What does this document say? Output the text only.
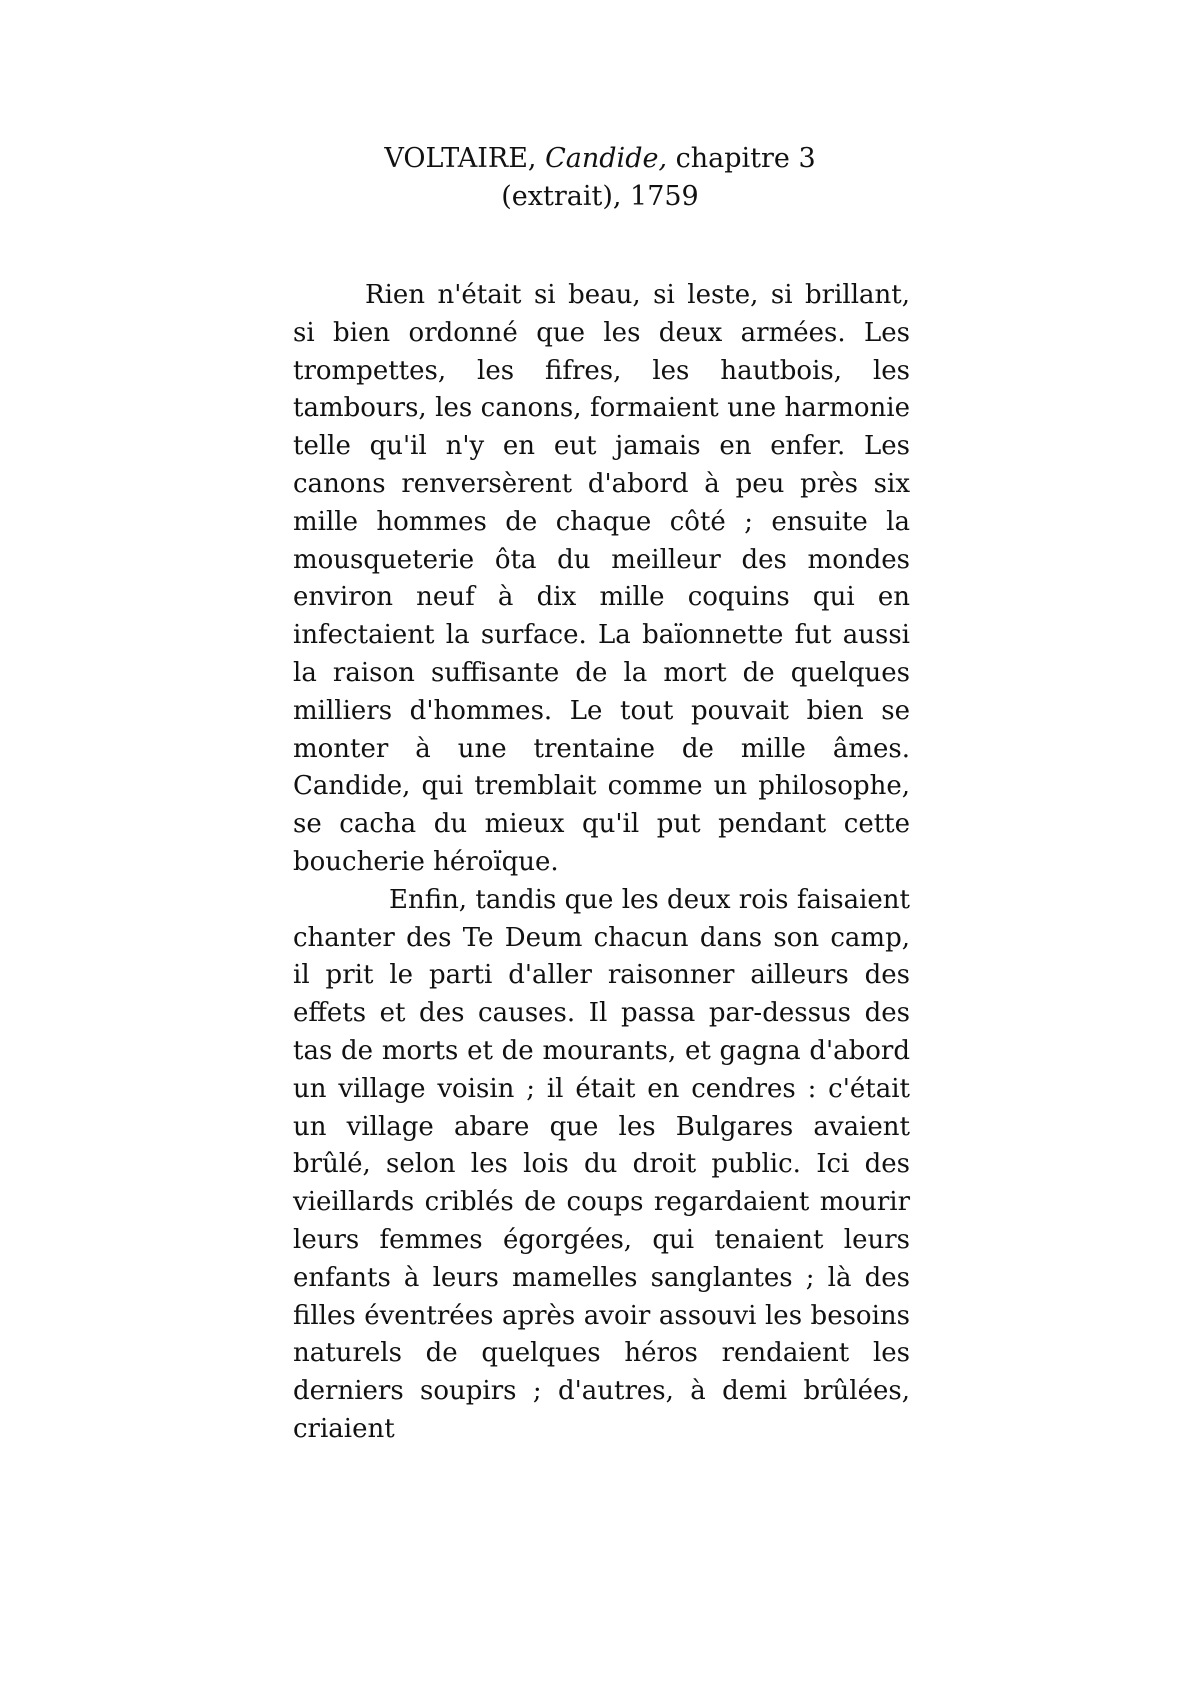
VOLTAIRE, Candide, chapitre 3
(extrait), 1759

Rien n'était si beau, si leste, si brillant, si bien ordonné que les deux armées. Les trompettes, les fifres, les hautbois, les tambours, les canons, formaient une harmonie telle qu'il n'y en eut jamais en enfer. Les canons renversèrent d'abord à peu près six mille hommes de chaque côté ; ensuite la mousqueterie ôta du meilleur des mondes environ neuf à dix mille coquins qui en infectaient la surface. La baïonnette fut aussi la raison suffisante de la mort de quelques milliers d'hommes. Le tout pouvait bien se monter à une trentaine de mille âmes. Candide, qui tremblait comme un philosophe, se cacha du mieux qu'il put pendant cette boucherie héroïque.

Enfin, tandis que les deux rois faisaient chanter des Te Deum chacun dans son camp, il prit le parti d'aller raisonner ailleurs des effets et des causes. Il passa par-dessus des tas de morts et de mourants, et gagna d'abord un village voisin ; il était en cendres : c'était un village abare que les Bulgares avaient brûlé, selon les lois du droit public. Ici des vieillards criblés de coups regardaient mourir leurs femmes égorgées, qui tenaient leurs enfants à leurs mamelles sanglantes ; là des filles éventrées après avoir assouvi les besoins naturels de quelques héros rendaient les derniers soupirs ; d'autres, à demi brûlées, criaient
